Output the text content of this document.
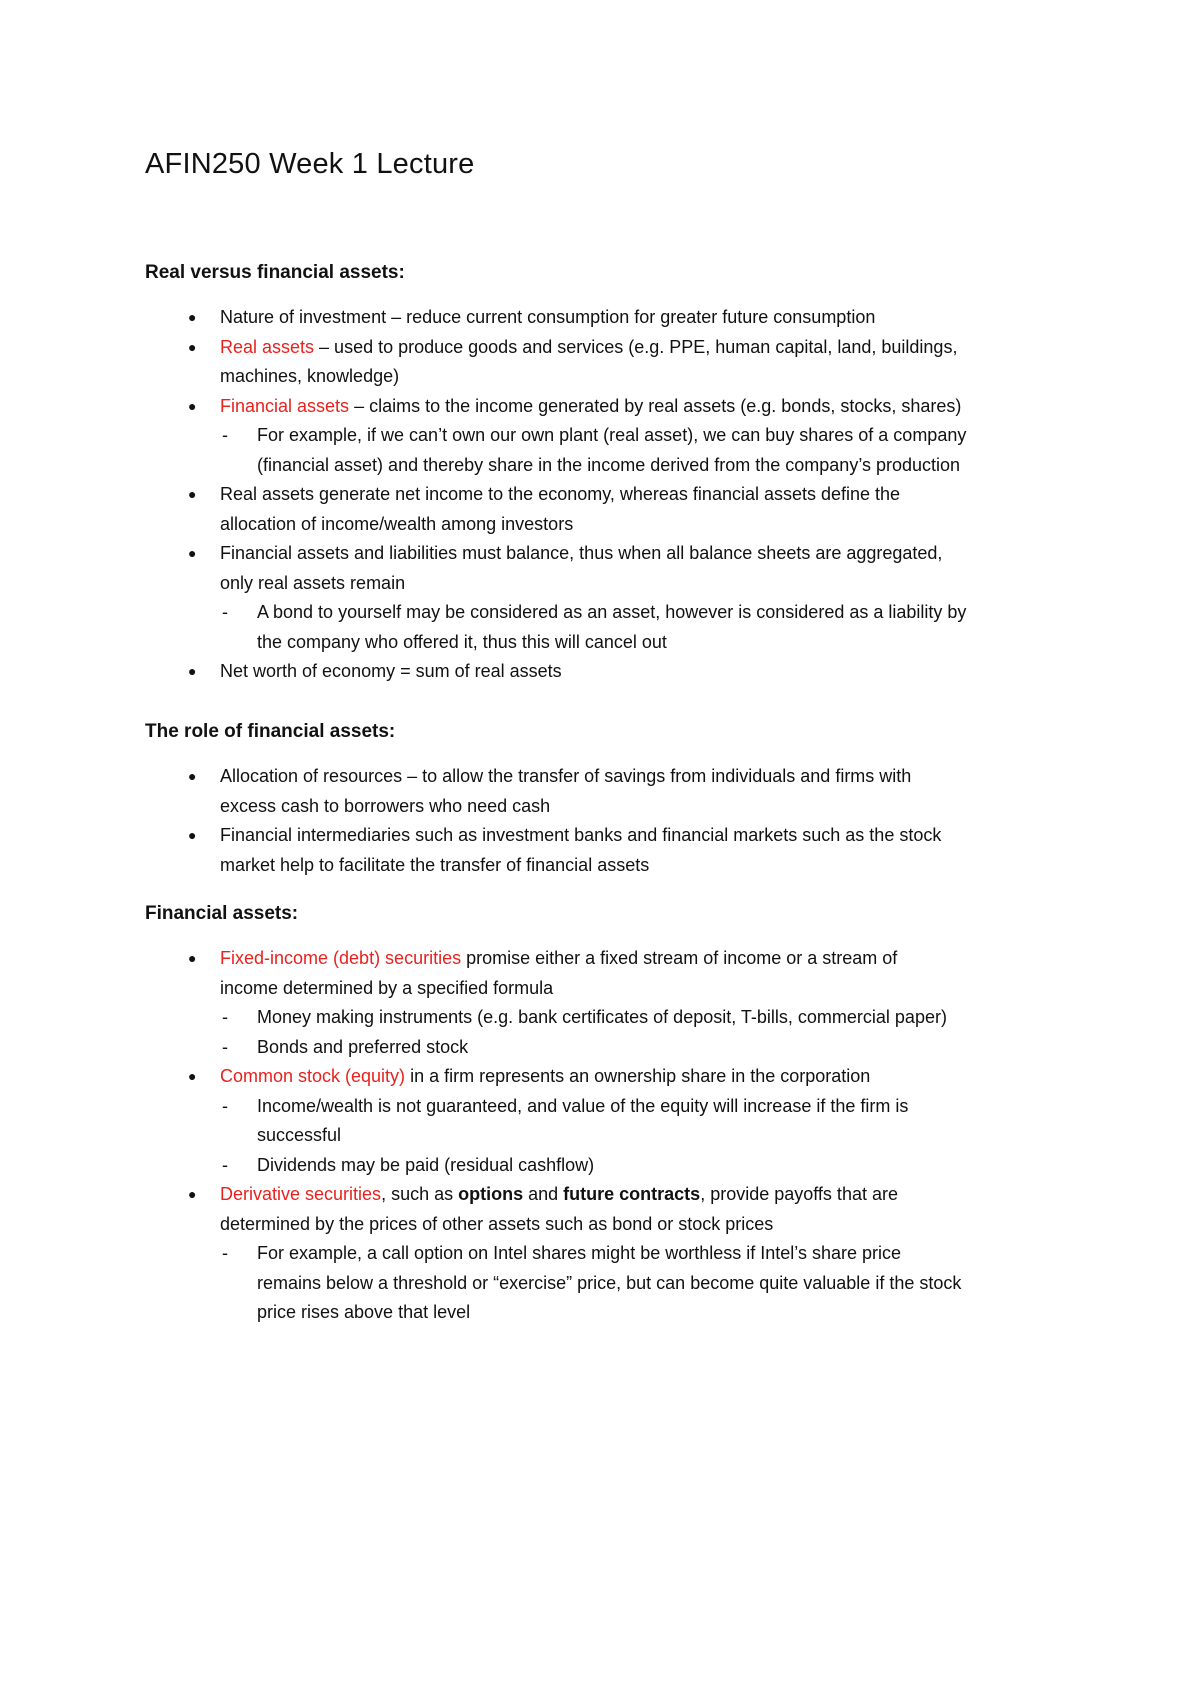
AFIN250 Week 1 Lecture
Real versus financial assets:
● Nature of investment – reduce current consumption for greater future consumption
● Real assets – used to produce goods and services (e.g. PPE, human capital, land, buildings,
machines, knowledge)
● Financial assets – claims to the income generated by real assets (e.g. bonds, stocks, shares)
- For example, if we can’t own our own plant (real asset), we can buy shares of a company
(financial asset) and thereby share in the income derived from the company’s production
● Real assets generate net income to the economy, whereas financial assets define the
allocation of income/wealth among investors
● Financial assets and liabilities must balance, thus when all balance sheets are aggregated,
only real assets remain
- A bond to yourself may be considered as an asset, however is considered as a liability by
the company who offered it, thus this will cancel out
● Net worth of economy = sum of real assets
The role of financial assets:
● Allocation of resources – to allow the transfer of savings from individuals and firms with
excess cash to borrowers who need cash
● Financial intermediaries such as investment banks and financial markets such as the stock
market help to facilitate the transfer of financial assets
Financial assets:
● Fixed-income (debt) securities promise either a fixed stream of income or a stream of
income determined by a specified formula
- Money making instruments (e.g. bank certificates of deposit, T-bills, commercial paper)
- Bonds and preferred stock
● Common stock (equity) in a firm represents an ownership share in the corporation
- Income/wealth is not guaranteed, and value of the equity will increase if the firm is
successful
- Dividends may be paid (residual cashflow)
● Derivative securities, such as options and future contracts, provide payoffs that are
determined by the prices of other assets such as bond or stock prices
- For example, a call option on Intel shares might be worthless if Intel’s share price
remains below a threshold or “exercise” price, but can become quite valuable if the stock
price rises above that level
